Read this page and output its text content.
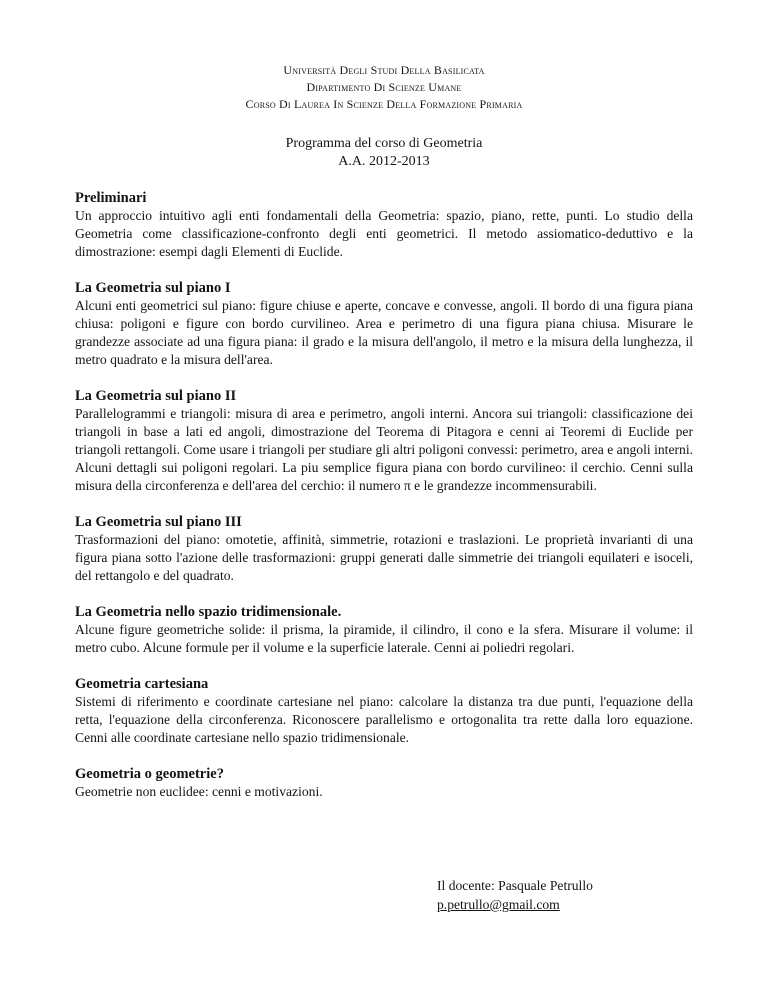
Università Degli Studi Della Basilicata
Dipartimento Di Scienze Umane
Corso Di Laurea In Scienze Della Formazione Primaria
Programma del corso di Geometria
A.A. 2012-2013
Preliminari

Un approccio intuitivo agli enti fondamentali della Geometria: spazio, piano, rette, punti. Lo studio della Geometria come classificazione-confronto degli enti geometrici. Il metodo assiomatico-deduttivo e la dimostrazione: esempi dagli Elementi di Euclide.

La Geometria sul piano I

Alcuni enti geometrici sul piano: figure chiuse e aperte, concave e convesse, angoli. Il bordo di una figura piana chiusa: poligoni e figure con bordo curvilineo. Area e perimetro di una figura piana chiusa. Misurare le grandezze associate ad una figura piana: il grado e la misura dell'angolo, il metro e la misura della lunghezza, il metro quadrato e la misura dell'area.

La Geometria sul piano II

Parallelogrammi e triangoli: misura di area e perimetro, angoli interni. Ancora sui triangoli: classificazione dei triangoli in base a lati ed angoli, dimostrazione del Teorema di Pitagora e cenni ai Teoremi di Euclide per triangoli rettangoli. Come usare i triangoli per studiare gli altri poligoni convessi: perimetro, area e angoli interni. Alcuni dettagli sui poligoni regolari. La piu semplice figura piana con bordo curvilineo: il cerchio. Cenni sulla misura della circonferenza e dell'area del cerchio: il numero π e le grandezze incommensurabili.

La Geometria sul piano III

Trasformazioni del piano: omotetie, affinità, simmetrie, rotazioni e traslazioni. Le proprietà invarianti di una figura piana sotto l'azione delle trasformazioni: gruppi generati dalle simmetrie dei triangoli equilateri e isoceli, del rettangolo e del quadrato.

La Geometria nello spazio tridimensionale.

Alcune figure geometriche solide: il prisma, la piramide, il cilindro, il cono e la sfera. Misurare il volume: il metro cubo. Alcune formule per il volume e la superficie laterale. Cenni ai poliedri regolari.

Geometria cartesiana

Sistemi di riferimento e coordinate cartesiane nel piano: calcolare la distanza tra due punti, l'equazione della retta, l'equazione della circonferenza. Riconoscere parallelismo e ortogonalita tra rette dalla loro equazione. Cenni alle coordinate cartesiane nello spazio tridimensionale.

Geometria o geometrie?

Geometrie non euclidee: cenni e motivazioni.

Il docente: Pasquale Petrullo
p.petrullo@gmail.com
